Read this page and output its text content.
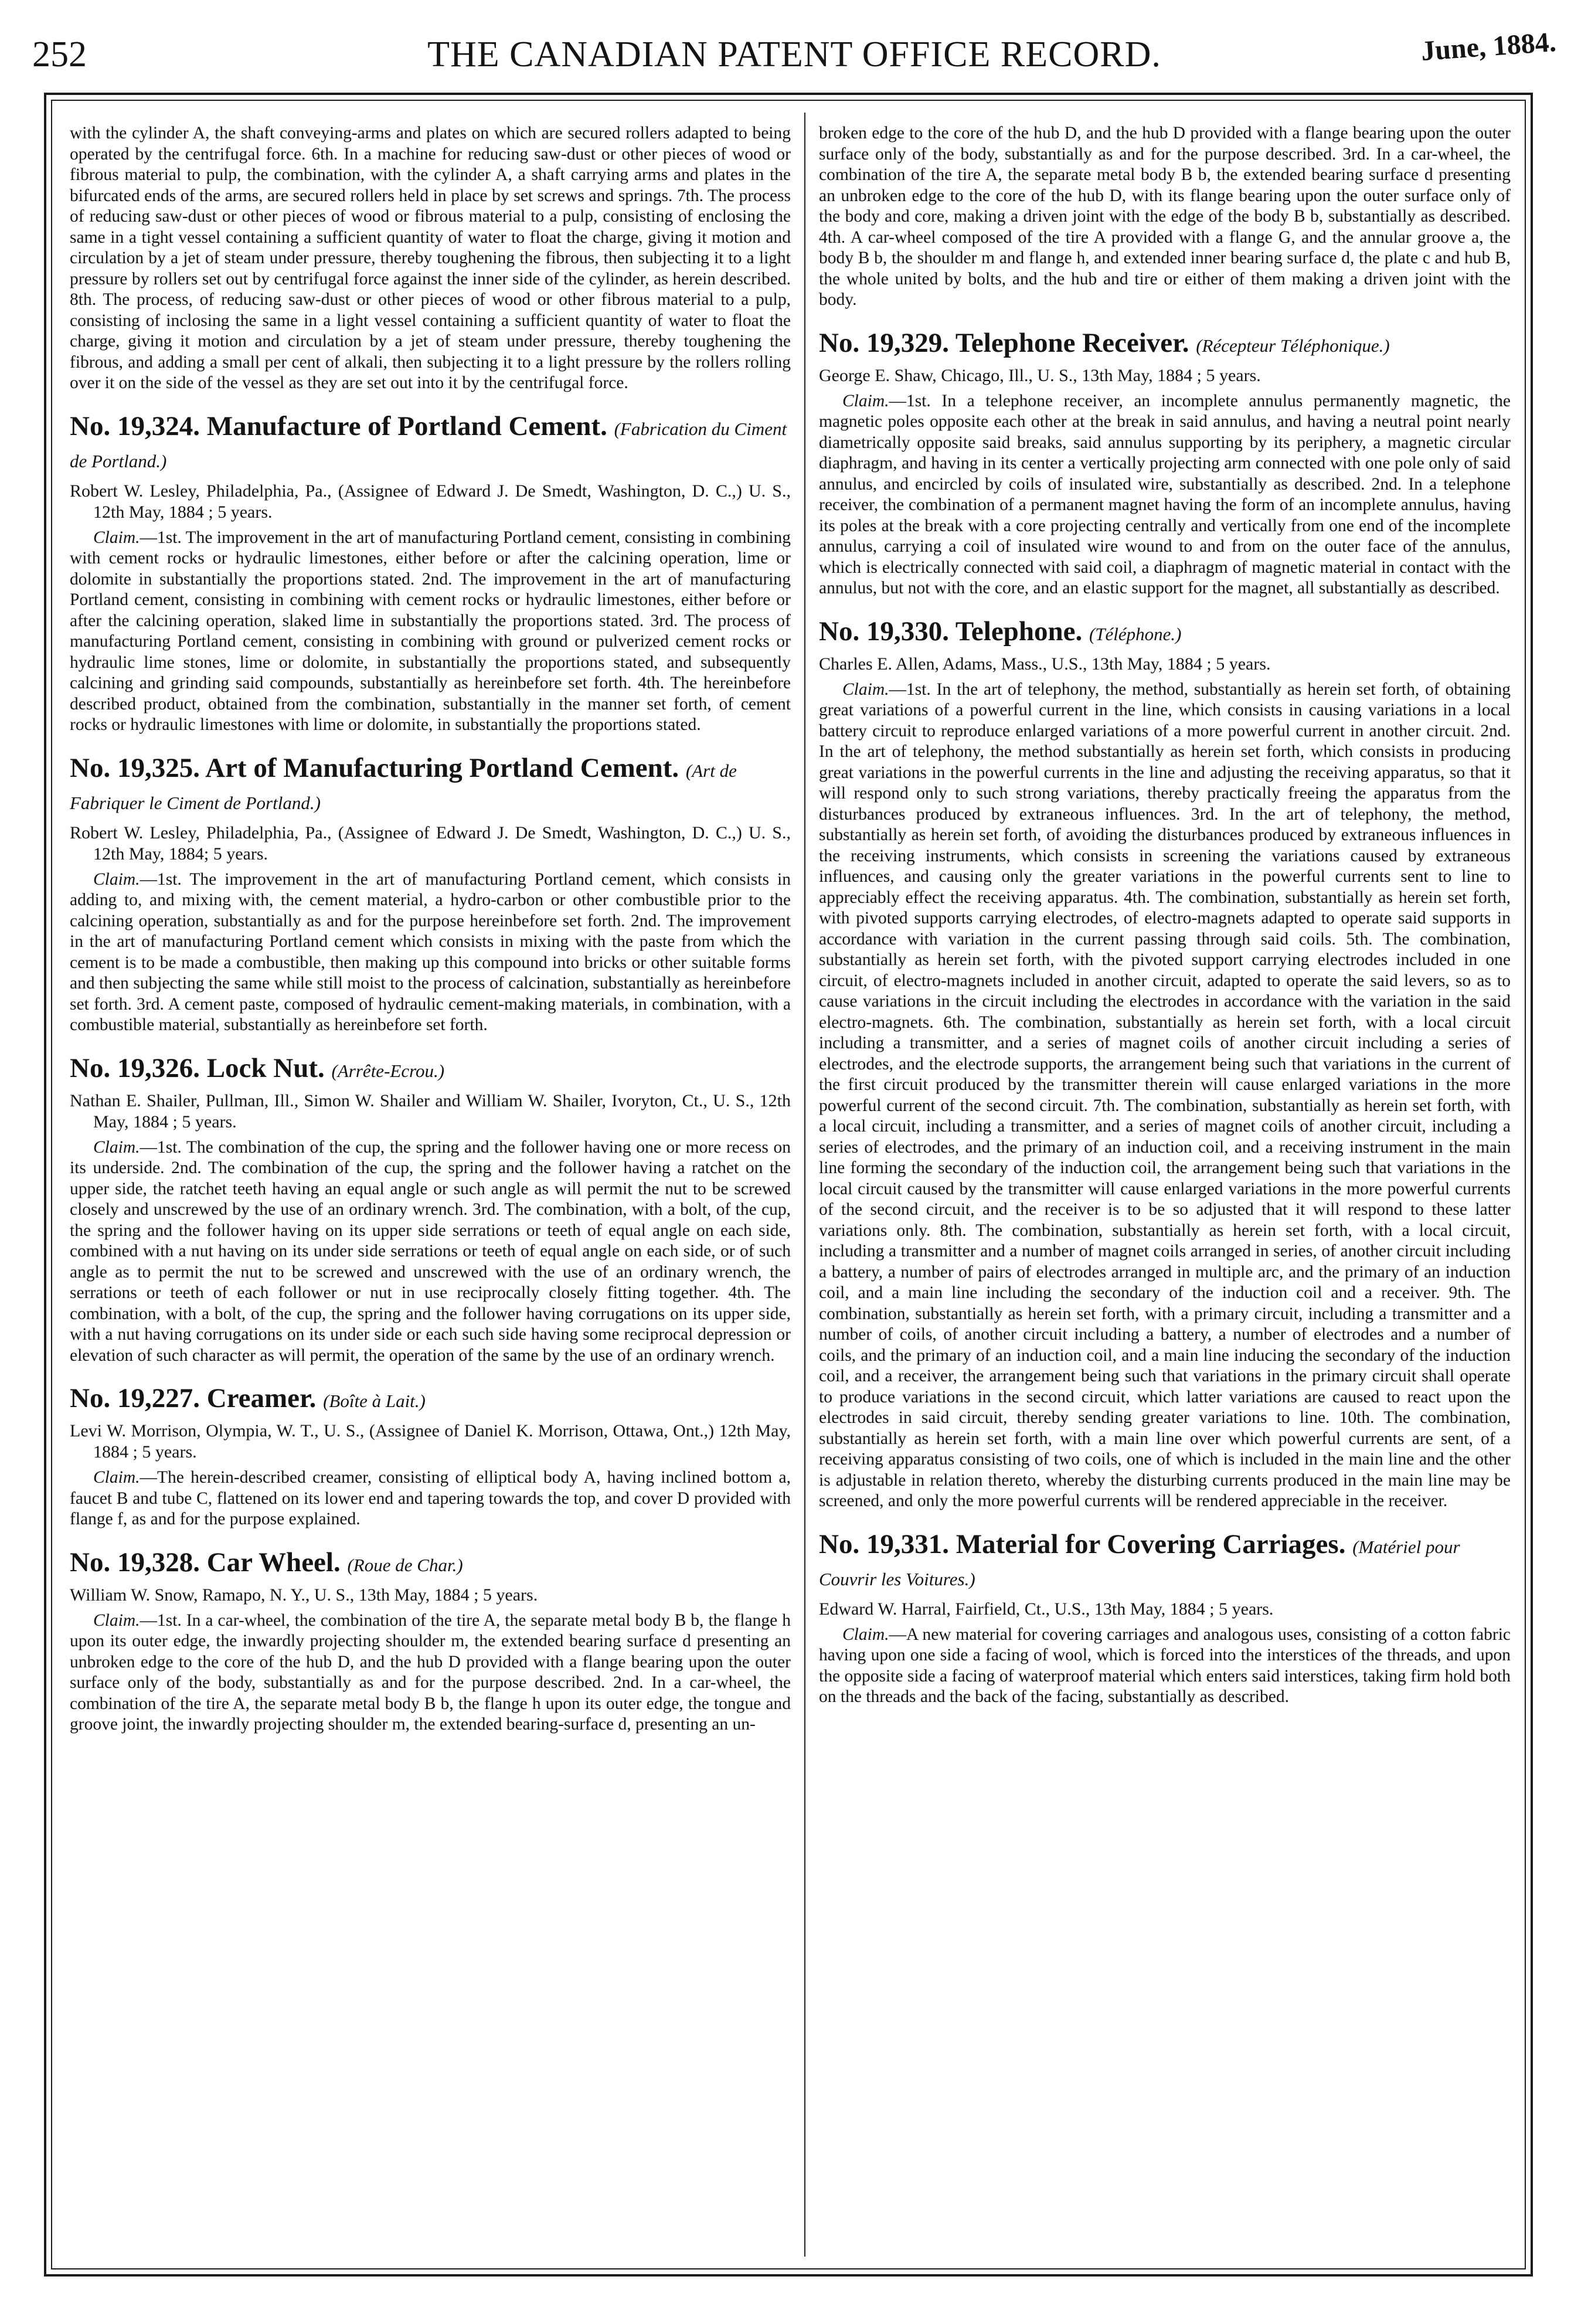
252	THE CANADIAN PATENT OFFICE RECORD.	June, 1884.

with the cylinder A, the shaft conveying-arms and plates on which are secured rollers adapted to being operated by the centrifugal force. 6th. In a machine for reducing saw-dust or other pieces of wood or fibrous material to pulp, the combination, with the cylinder A, a shaft carrying arms and plates in the bifurcated ends of the arms, are secured rollers held in place by set screws and springs. 7th. The process of reducing saw-dust or other pieces of wood or fibrous material to a pulp, consisting of enclosing the same in a tight vessel containing a sufficient quantity of water to float the charge, giving it motion and circulation by a jet of steam under pressure, thereby toughening the fibrous, then subjecting it to a light pressure by rollers set out by centrifugal force against the inner side of the cylinder, as herein described. 8th. The process, of reducing saw-dust or other pieces of wood or other fibrous material to a pulp, consisting of inclosing the same in a light vessel containing a sufficient quantity of water to float the charge, giving it motion and circulation by a jet of steam under pressure, thereby toughening the fibrous, and adding a small per cent of alkali, then subjecting it to a light pressure by the rollers rolling over it on the side of the vessel as they are set out into it by the centrifugal force.

No. 19,324. Manufacture of Portland Cement. (Fabrication du Ciment de Portland.)

Robert W. Lesley, Philadelphia, Pa., (Assignee of Edward J. De Smedt, Washington, D. C.,) U. S., 12th May, 1884 ; 5 years.

Claim.—1st. The improvement in the art of manufacturing Portland cement, consisting in combining with cement rocks or hydraulic limestones, either before or after the calcining operation, lime or dolomite in substantially the proportions stated. 2nd. The improvement in the art of manufacturing Portland cement, consisting in combining with cement rocks or hydraulic limestones, either before or after the calcining operation, slaked lime in substantially the proportions stated. 3rd. The process of manufacturing Portland cement, consisting in combining with ground or pulverized cement rocks or hydraulic lime stones, lime or dolomite, in substantially the proportions stated, and subsequently calcining and grinding said compounds, substantially as hereinbefore set forth. 4th. The hereinbefore described product, obtained from the combination, substantially in the manner set forth, of cement rocks or hydraulic limestones with lime or dolomite, in substantially the proportions stated.

No. 19,325. Art of Manufacturing Portland Cement. (Art de Fabriquer le Ciment de Portland.)

Robert W. Lesley, Philadelphia, Pa., (Assignee of Edward J. De Smedt, Washington, D. C.,) U. S., 12th May, 1884; 5 years.

Claim.—1st. The improvement in the art of manufacturing Portland cement, which consists in adding to, and mixing with, the cement material, a hydro-carbon or other combustible prior to the calcining operation, substantially as and for the purpose hereinbefore set forth. 2nd. The improvement in the art of manufacturing Portland cement which consists in mixing with the paste from which the cement is to be made a combustible, then making up this compound into bricks or other suitable forms and then subjecting the same while still moist to the process of calcination, substantially as hereinbefore set forth. 3rd. A cement paste, composed of hydraulic cement-making materials, in combination, with a combustible material, substantially as hereinbefore set forth.

No. 19,326. Lock Nut. (Arrête-Ecrou.)

Nathan E. Shailer, Pullman, Ill., Simon W. Shailer and William W. Shailer, Ivoryton, Ct., U. S., 12th May, 1884 ; 5 years.

Claim.—1st. The combination of the cup, the spring and the follower having one or more recess on its underside. 2nd. The combination of the cup, the spring and the follower having a ratchet on the upper side, the ratchet teeth having an equal angle or such angle as will permit the nut to be screwed closely and unscrewed by the use of an ordinary wrench. 3rd. The combination, with a bolt, of the cup, the spring and the follower having on its upper side serrations or teeth of equal angle on each side, combined with a nut having on its under side serrations or teeth of equal angle on each side, or of such angle as to permit the nut to be screwed and unscrewed with the use of an ordinary wrench, the serrations or teeth of each follower or nut in use reciprocally closely fitting together. 4th. The combination, with a bolt, of the cup, the spring and the follower having corrugations on its upper side, with a nut having corrugations on its under side or each such side having some reciprocal depression or elevation of such character as will permit, the operation of the same by the use of an ordinary wrench.

No. 19,227. Creamer. (Boîte à Lait.)

Levi W. Morrison, Olympia, W. T., U. S., (Assignee of Daniel K. Morrison, Ottawa, Ont.,) 12th May, 1884 ; 5 years.

Claim.—The herein-described creamer, consisting of elliptical body A, having inclined bottom a, faucet B and tube C, flattened on its lower end and tapering towards the top, and cover D provided with flange f, as and for the purpose explained.

No. 19,328. Car Wheel. (Roue de Char.)

William W. Snow, Ramapo, N. Y., U. S., 13th May, 1884 ; 5 years.

Claim.—1st. In a car-wheel, the combination of the tire A, the separate metal body B b, the flange h upon its outer edge, the inwardly projecting shoulder m, the extended bearing surface d presenting an unbroken edge to the core of the hub D, and the hub D provided with a flange bearing upon the outer surface only of the body, substantially as and for the purpose described. 2nd. In a car-wheel, the combination of the tire A, the separate metal body B b, the flange h upon its outer edge, the tongue and groove joint, the inwardly projecting shoulder m, the extended bearing-surface d, presenting an un-

broken edge to the core of the hub D, and the hub D provided with a flange bearing upon the outer surface only of the body, substantially as and for the purpose described. 3rd. In a car-wheel, the combination of the tire A, the separate metal body B b, the extended bearing surface d presenting an unbroken edge to the core of the hub D, with its flange bearing upon the outer surface only of the body and core, making a driven joint with the edge of the body B b, substantially as described. 4th. A car-wheel composed of the tire A provided with a flange G, and the annular groove a, the body B b, the shoulder m and flange h, and extended inner bearing surface d, the plate c and hub B, the whole united by bolts, and the hub and tire or either of them making a driven joint with the body.

No. 19,329. Telephone Receiver. (Récepteur Téléphonique.)

George E. Shaw, Chicago, Ill., U. S., 13th May, 1884 ; 5 years.

Claim.—1st. In a telephone receiver, an incomplete annulus permanently magnetic, the magnetic poles opposite each other at the break in said annulus, and having a neutral point nearly diametrically opposite said breaks, said annulus supporting by its periphery, a magnetic circular diaphragm, and having in its center a vertically projecting arm connected with one pole only of said annulus, and encircled by coils of insulated wire, substantially as described. 2nd. In a telephone receiver, the combination of a permanent magnet having the form of an incomplete annulus, having its poles at the break with a core projecting centrally and vertically from one end of the incomplete annulus, carrying a coil of insulated wire wound to and from on the outer face of the annulus, which is electrically connected with said coil, a diaphragm of magnetic material in contact with the annulus, but not with the core, and an elastic support for the magnet, all substantially as described.

No. 19,330. Telephone. (Téléphone.)

Charles E. Allen, Adams, Mass., U.S., 13th May, 1884 ; 5 years.

Claim.—1st. In the art of telephony, the method, substantially as herein set forth, of obtaining great variations of a powerful current in the line, which consists in causing variations in a local battery circuit to reproduce enlarged variations of a more powerful current in another circuit. 2nd. In the art of telephony, the method substantially as herein set forth, which consists in producing great variations in the powerful currents in the line and adjusting the receiving apparatus, so that it will respond only to such strong variations, thereby practically freeing the apparatus from the disturbances produced by extraneous influences. 3rd. In the art of telephony, the method, substantially as herein set forth, of avoiding the disturbances produced by extraneous influences in the receiving instruments, which consists in screening the variations caused by extraneous influences, and causing only the greater variations in the powerful currents sent to line to appreciably effect the receiving apparatus. 4th. The combination, substantially as herein set forth, with pivoted supports carrying electrodes, of electro-magnets adapted to operate said supports in accordance with variation in the current passing through said coils. 5th. The combination, substantially as herein set forth, with the pivoted support carrying electrodes included in one circuit, of electro-magnets included in another circuit, adapted to operate the said levers, so as to cause variations in the circuit including the electrodes in accordance with the variation in the said electro-magnets. 6th. The combination, substantially as herein set forth, with a local circuit including a transmitter, and a series of magnet coils of another circuit including a series of electrodes, and the electrode supports, the arrangement being such that variations in the current of the first circuit produced by the transmitter therein will cause enlarged variations in the more powerful current of the second circuit. 7th. The combination, substantially as herein set forth, with a local circuit, including a transmitter, and a series of magnet coils of another circuit, including a series of electrodes, and the primary of an induction coil, and a receiving instrument in the main line forming the secondary of the induction coil, the arrangement being such that variations in the local circuit caused by the transmitter will cause enlarged variations in the more powerful currents of the second circuit, and the receiver is to be so adjusted that it will respond to these latter variations only. 8th. The combination, substantially as herein set forth, with a local circuit, including a transmitter and a number of magnet coils arranged in series, of another circuit including a battery, a number of pairs of electrodes arranged in multiple arc, and the primary of an induction coil, and a main line including the secondary of the induction coil and a receiver. 9th. The combination, substantially as herein set forth, with a primary circuit, including a transmitter and a number of coils, of another circuit including a battery, a number of electrodes and a number of coils, and the primary of an induction coil, and a main line inducing the secondary of the induction coil, and a receiver, the arrangement being such that variations in the primary circuit shall operate to produce variations in the second circuit, which latter variations are caused to react upon the electrodes in said circuit, thereby sending greater variations to line. 10th. The combination, substantially as herein set forth, with a main line over which powerful currents are sent, of a receiving apparatus consisting of two coils, one of which is included in the main line and the other is adjustable in relation thereto, whereby the disturbing currents produced in the main line may be screened, and only the more powerful currents will be rendered appreciable in the receiver.

No. 19,331. Material for Covering Carriages. (Matériel pour Couvrir les Voitures.)

Edward W. Harral, Fairfield, Ct., U.S., 13th May, 1884 ; 5 years.

Claim.—A new material for covering carriages and analogous uses, consisting of a cotton fabric having upon one side a facing of wool, which is forced into the interstices of the threads, and upon the opposite side a facing of waterproof material which enters said interstices, taking firm hold both on the threads and the back of the facing, substantially as described.
